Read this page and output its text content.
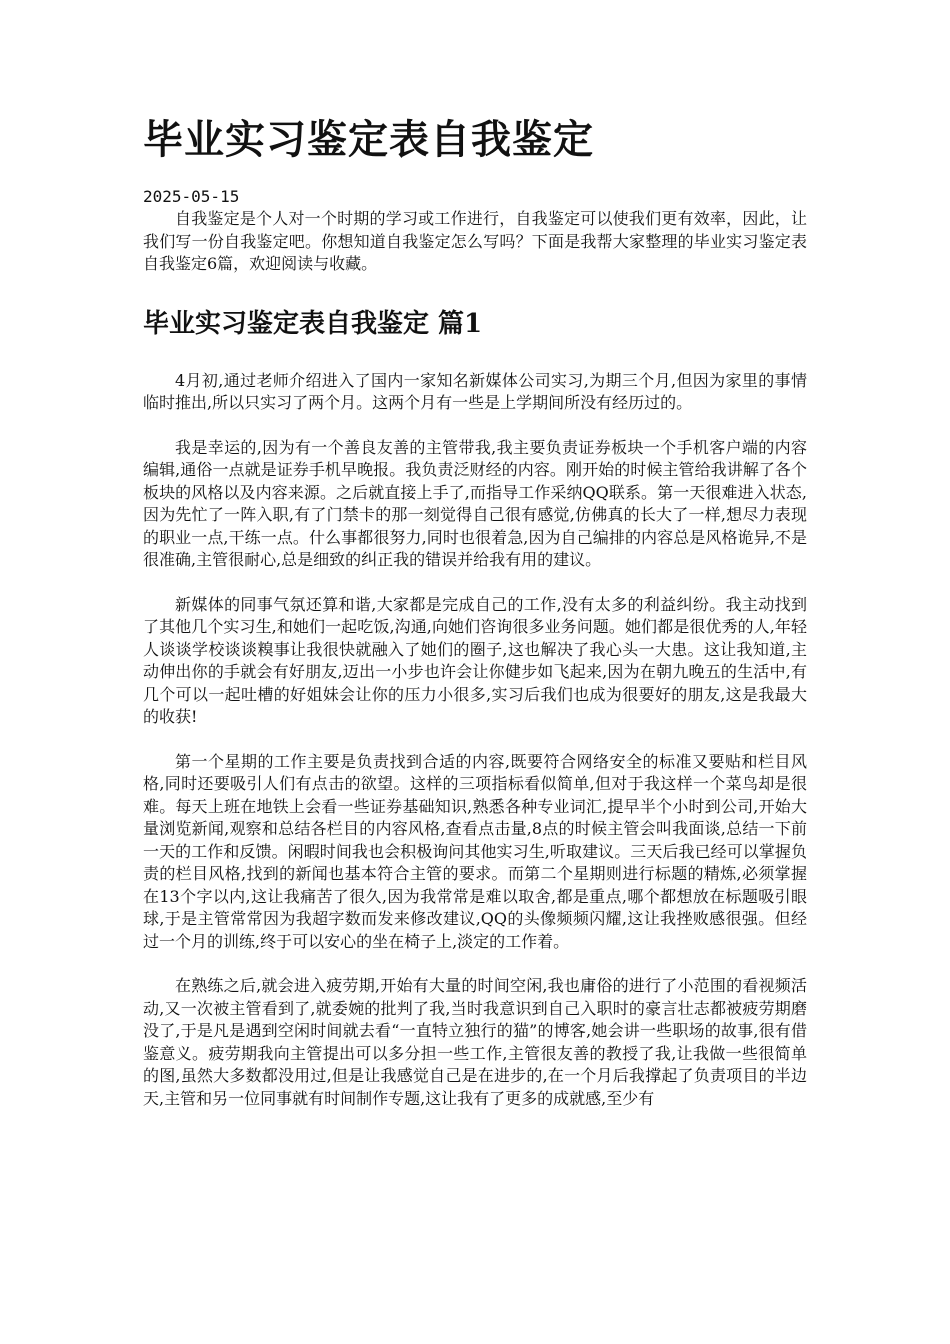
毕业实习鉴定表自我鉴定
2025-05-15

自我鉴定是个人对一个时期的学习或工作进行，自我鉴定可以使我们更有效率，因此，让我们写一份自我鉴定吧。你想知道自我鉴定怎么写吗？下面是我帮大家整理的毕业实习鉴定表自我鉴定6篇，欢迎阅读与收藏。

毕业实习鉴定表自我鉴定 篇1

4月初,通过老师介绍进入了国内一家知名新媒体公司实习,为期三个月,但因为家里的事情临时推出,所以只实习了两个月。这两个月有一些是上学期间所没有经历过的。

我是幸运的,因为有一个善良友善的主管带我,我主要负责证券板块一个手机客户端的内容编辑,通俗一点就是证券手机早晚报。我负责泛财经的内容。刚开始的时候主管给我讲解了各个板块的风格以及内容来源。之后就直接上手了,而指导工作采纳QQ联系。第一天很难进入状态,因为先忙了一阵入职,有了门禁卡的那一刻觉得自己很有感觉,仿佛真的长大了一样,想尽力表现的职业一点,干练一点。什么事都很努力,同时也很着急,因为自己编排的内容总是风格诡异,不是很准确,主管很耐心,总是细致的纠正我的错误并给我有用的建议。

新媒体的同事气氛还算和谐,大家都是完成自己的工作,没有太多的利益纠纷。我主动找到了其他几个实习生,和她们一起吃饭,沟通,向她们咨询很多业务问题。她们都是很优秀的人,年轻人谈谈学校谈谈糗事让我很快就融入了她们的圈子,这也解决了我心头一大患。这让我知道,主动伸出你的手就会有好朋友,迈出一小步也许会让你健步如飞起来,因为在朝九晚五的生活中,有几个可以一起吐槽的好姐妹会让你的压力小很多,实习后我们也成为很要好的朋友,这是我最大的收获!

第一个星期的工作主要是负责找到合适的内容,既要符合网络安全的标准又要贴和栏目风格,同时还要吸引人们有点击的欲望。这样的三项指标看似简单,但对于我这样一个菜鸟却是很难。每天上班在地铁上会看一些证券基础知识,熟悉各种专业词汇,提早半个小时到公司,开始大量浏览新闻,观察和总结各栏目的内容风格,查看点击量,8点的时候主管会叫我面谈,总结一下前一天的工作和反馈。闲暇时间我也会积极询问其他实习生,听取建议。三天后我已经可以掌握负责的栏目风格,找到的新闻也基本符合主管的要求。而第二个星期则进行标题的精炼,必须掌握在13个字以内,这让我痛苦了很久,因为我常常是难以取舍,都是重点,哪个都想放在标题吸引眼球,于是主管常常因为我超字数而发来修改建议,QQ的头像频频闪耀,这让我挫败感很强。但经过一个月的训练,终于可以安心的坐在椅子上,淡定的工作着。

在熟练之后,就会进入疲劳期,开始有大量的时间空闲,我也庸俗的进行了小范围的看视频活动,又一次被主管看到了,就委婉的批判了我,当时我意识到自己入职时的豪言壮志都被疲劳期磨没了,于是凡是遇到空闲时间就去看“一直特立独行的猫”的博客,她会讲一些职场的故事,很有借鉴意义。疲劳期我向主管提出可以多分担一些工作,主管很友善的教授了我,让我做一些很简单的图,虽然大多数都没用过,但是让我感觉自己是在进步的,在一个月后我撑起了负责项目的半边天,主管和另一位同事就有时间制作专题,这让我有了更多的成就感,至少有
